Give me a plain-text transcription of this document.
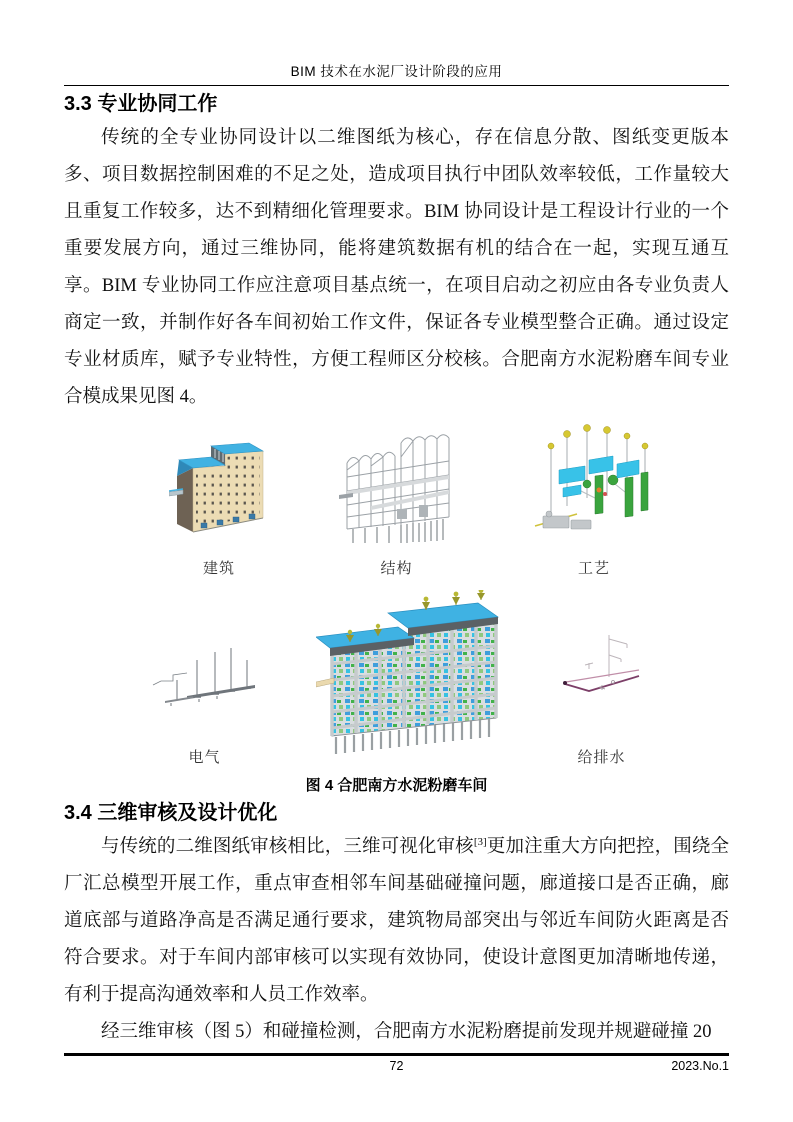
BIM 技术在水泥厂设计阶段的应用
3.3 专业协同工作

传统的全专业协同设计以二维图纸为核心，存在信息分散、图纸变更版本多、项目数据控制困难的不足之处，造成项目执行中团队效率较低，工作量较大且重复工作较多，达不到精细化管理要求。BIM 协同设计是工程设计行业的一个重要发展方向，通过三维协同，能将建筑数据有机的结合在一起，实现互通互享。BIM 专业协同工作应注意项目基点统一，在项目启动之初应由各专业负责人商定一致，并制作好各车间初始工作文件，保证各专业模型整合正确。通过设定专业材质库，赋予专业特性，方便工程师区分校核。合肥南方水泥粉磨车间专业合模成果见图 4。

建筑	结构	工艺
电气	给排水
图 4 合肥南方水泥粉磨车间
3.4 三维审核及设计优化

与传统的二维图纸审核相比，三维可视化审核[3]更加注重大方向把控，围绕全厂汇总模型开展工作，重点审查相邻车间基础碰撞问题，廊道接口是否正确，廊道底部与道路净高是否满足通行要求，建筑物局部突出与邻近车间防火距离是否符合要求。对于车间内部审核可以实现有效协同，使设计意图更加清晰地传递，有利于提高沟通效率和人员工作效率。

经三维审核（图 5）和碰撞检测，合肥南方水泥粉磨提前发现并规避碰撞 20

72	2023.No.1
